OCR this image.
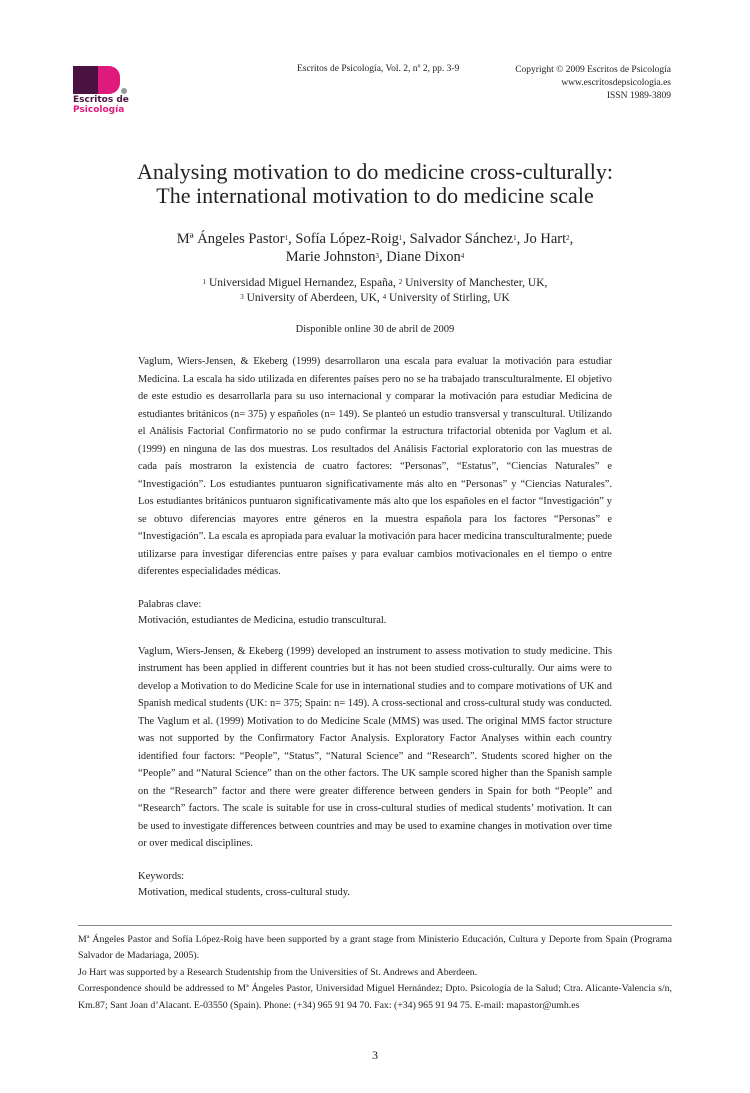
Escritos de
Psicología
Escritos de Psicología, Vol. 2, nº 2, pp. 3-9	Copyright © 2009 Escritos de Psicología
www.escritosdepsicologia.es
ISSN 1989-3809
Analysing motivation to do medicine cross-culturally:
The international motivation to do medicine scale
Mª Ángeles Pastor$^1$, Sofía López-Roig$^1$, Salvador Sánchez$^1$, Jo Hart$^2$,
Marie Johnston$^3$, Diane Dixon$^4$
$^1$ Universidad Miguel Hernandez, España, $^2$ University of Manchester, UK,
$^3$ University of Aberdeen, UK, $^4$ University of Stirling, UK
Disponible online 30 de abril de 2009
Vaglum, Wiers-Jensen, & Ekeberg (1999) desarrollaron una escala para evaluar la motivación para estudiar Medicina. La escala ha sido utilizada en diferentes países pero no se ha trabajado transculturalmente. El objetivo de este estudio es desarrollarla para su uso internacional y comparar la motivación para estudiar Medicina de estudiantes británicos (n= 375) y españoles (n= 149). Se planteó un estudio transversal y transcultural. Utilizando el Análisis Factorial Confirmatorio no se pudo confirmar la estructura trifactorial obtenida por Vaglum et al. (1999) en ninguna de las dos muestras. Los resultados del Análisis Factorial exploratorio con las muestras de cada país mostraron la existencia de cuatro factores: “Personas”, “Estatus”, “Ciencias Naturales” e “Investigación”. Los estudiantes puntuaron significativamente más alto en “Personas” y “Ciencias Naturales”. Los estudiantes británicos puntuaron significativamente más alto que los españoles en el factor “Investigación” y se obtuvo diferencias mayores entre géneros en la muestra española para los factores “Personas” e “Investigación”. La escala es apropiada para evaluar la motivación para hacer medicina transculturalmente; puede utilizarse para investigar diferencias entre países y para evaluar cambios motivacionales en el tiempo o entre diferentes especialidades médicas.
Palabras clave:
Motivación, estudiantes de Medicina, estudio transcultural.
Vaglum, Wiers-Jensen, & Ekeberg (1999) developed an instrument to assess motivation to study medicine. This instrument has been applied in different countries but it has not been studied cross-culturally. Our aims were to develop a Motivation to do Medicine Scale for use in international studies and to compare motivations of UK and Spanish medical students (UK: n= 375; Spain: n= 149). A cross-sectional and cross-cultural study was conducted. The Vaglum et al. (1999) Motivation to do Medicine Scale (MMS) was used. The original MMS factor structure was not supported by the Confirmatory Factor Analysis. Exploratory Factor Analyses within each country identified four factors: “People”, “Status”, “Natural Science” and “Research”. Students scored higher on the “People” and “Natural Science” than on the other factors. The UK sample scored higher than the Spanish sample on the “Research” factor and there were greater difference between genders in Spain for both “People” and “Research” factors. The scale is suitable for use in cross-cultural studies of medical students’ motivation. It can be used to investigate differences between countries and may be used to examine changes in motivation over time or over medical disciplines.
Keywords:
Motivation, medical students, cross-cultural study.

Mª Ángeles Pastor and Sofía López-Roig have been supported by a grant stage from Ministerio Educación, Cultura y Deporte from Spain (Programa Salvador de Madariaga, 2005).

Jo Hart was supported by a Research Studentship from the Universities of St. Andrews and Aberdeen.

Correspondence should be addressed to Mª Ángeles Pastor, Universidad Miguel Hernández; Dpto. Psicología de la Salud; Ctra. Alicante-Valencia s/n, Km.87; Sant Joan d’Alacant. E-03550 (Spain). Phone: (+34) 965 91 94 70. Fax: (+34) 965 91 94 75. E-mail: mapastor@umh.es

3
